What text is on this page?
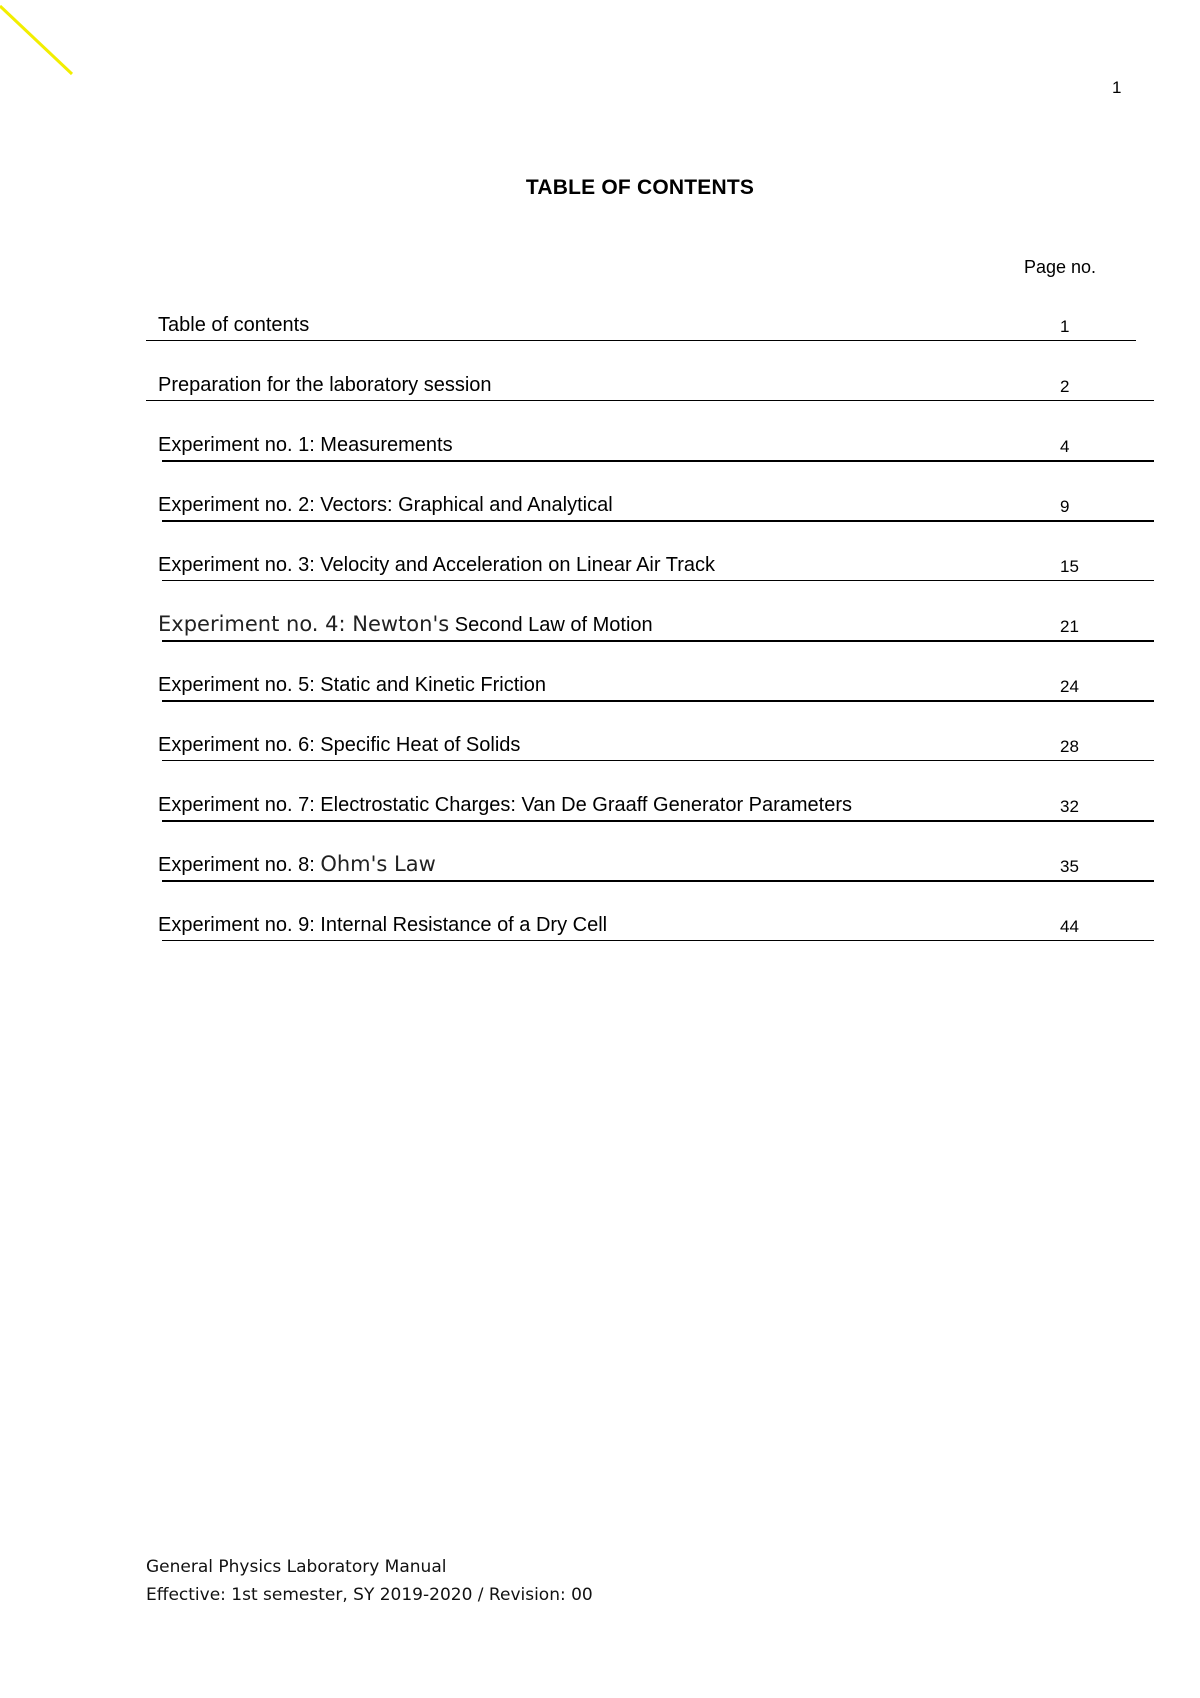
1
TABLE OF CONTENTS
Page no.
Table of contents	1
Preparation for the laboratory session	2
Experiment no. 1: Measurements	4
Experiment no. 2: Vectors: Graphical and Analytical	9
Experiment no. 3: Velocity and Acceleration on Linear Air Track	15
Experiment no. 4: Newton's Second Law of Motion	21
Experiment no. 5: Static and Kinetic Friction	24
Experiment no. 6: Specific Heat of Solids	28
Experiment no. 7: Electrostatic Charges: Van De Graaff Generator Parameters	32
Experiment no. 8: Ohm's Law	35
Experiment no. 9: Internal Resistance of a Dry Cell	44
General Physics Laboratory Manual
Effective: 1st semester, SY 2019-2020 / Revision: 00
